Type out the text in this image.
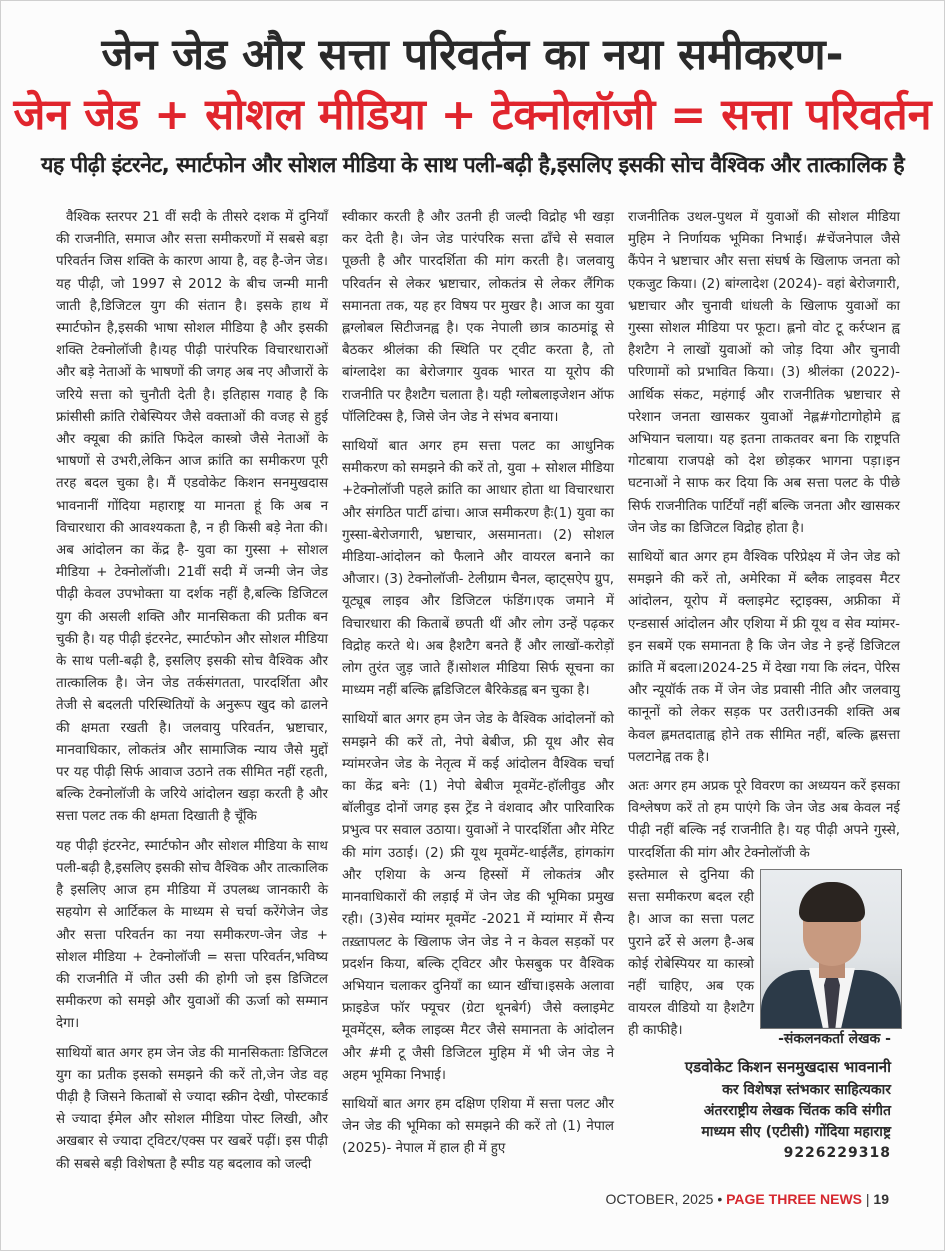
जेन जेड और सत्ता परिवर्तन का नया समीकरण-
जेन जेड + सोशल मीडिया + टेक्नोलॉजी = सत्ता परिवर्तन
यह पीढ़ी इंटरनेट, स्मार्टफोन और सोशल मीडिया के साथ पली-बढ़ी है,इसलिए इसकी सोच वैश्विक और तात्कालिक है

वैश्विक स्तरपर 21 वीं सदी के तीसरे दशक में दुनियाँ की राजनीति, समाज और सत्ता समीकरणों में सबसे बड़ा परिवर्तन जिस शक्ति के कारण आया है, वह है-जेन जेड।यह पीढ़ी, जो 1997 से 2012 के बीच जन्मी मानी जाती है,डिजिटल युग की संतान है। इसके हाथ में स्मार्टफोन है,इसकी भाषा सोशल मीडिया है और इसकी शक्ति टेक्नोलॉजी है।यह पीढ़ी पारंपरिक विचारधाराओं और बड़े नेताओं के भाषणों की जगह अब नए औजारों के जरिये सत्ता को चुनौती देती है। इतिहास गवाह है कि फ्रांसीसी क्रांति रोबेस्पियर जैसे वक्ताओं की वजह से हुई और क्यूबा की क्रांति फिदेल कास्त्रो जैसे नेताओं के भाषणों से उभरी,लेकिन आज क्रांति का समीकरण पूरी तरह बदल चुका है। मैं एडवोकेट किशन सनमुखदास भावनानीं गोंदिया महाराष्ट्र या मानता हूं कि अब न विचारधारा की आवश्यकता है, न ही किसी बड़े नेता की। अब आंदोलन का केंद्र है- युवा का गुस्सा + सोशल मीडिया + टेक्नोलॉजी। 21वीं सदी में जन्मी जेन जेड पीढ़ी केवल उपभोक्ता या दर्शक नहीं है,बल्कि डिजिटल युग की असली शक्ति और मानसिकता की प्रतीक बन चुकी है। यह पीढ़ी इंटरनेट, स्मार्टफोन और सोशल मीडिया के साथ पली-बढ़ी है, इसलिए इसकी सोच वैश्विक और तात्कालिक है। जेन जेड तर्कसंगतता, पारदर्शिता और तेजी से बदलती परिस्थितियों के अनुरूप खुद को ढालने की क्षमता रखती है। जलवायु परिवर्तन, भ्रष्टाचार, मानवाधिकार, लोकतंत्र और सामाजिक न्याय जैसे मुद्दों पर यह पीढ़ी सिर्फ आवाज उठाने तक सीमित नहीं रहती, बल्कि टेक्नोलॉजी के जरिये आंदोलन खड़ा करती है और सत्ता पलट तक की क्षमता दिखाती है चूँकि

यह पीढ़ी इंटरनेट, स्मार्टफोन और सोशल मीडिया के साथ पली-बढ़ी है,इसलिए इसकी सोच वैश्विक और तात्कालिक है इसलिए आज हम मीडिया में उपलब्ध जानकारी के सहयोग से आर्टिकल के माध्यम से चर्चा करेंगेजेन जेड और सत्ता परिवर्तन का नया समीकरण-जेन जेड + सोशल मीडिया + टेक्नोलॉजी = सत्ता परिवर्तन,भविष्य की राजनीति में जीत उसी की होगी जो इस डिजिटल समीकरण को समझे और युवाओं की ऊर्जा को सम्मान देगा।

साथियों बात अगर हम जेन जेड की मानसिकताः डिजिटल युग का प्रतीक इसको समझने की करें तो,जेन जेड वह पीढ़ी है जिसने किताबों से ज्यादा स्क्रीन देखी, पोस्टकार्ड से ज्यादा ईमेल और सोशल मीडिया पोस्ट लिखी, और अखबार से ज्यादा ट्विटर/एक्स पर खबरें पढ़ीं। इस पीढ़ी की सबसे बड़ी विशेषता है स्पीड यह बदलाव को जल्दी

स्वीकार करती है और उतनी ही जल्दी विद्रोह भी खड़ा कर देती है। जेन जेड पारंपरिक सत्ता ढाँचे से सवाल पूछती है और पारदर्शिता की मांग करती है। जलवायु परिवर्तन से लेकर भ्रष्टाचार, लोकतंत्र से लेकर लैंगिक समानता तक, यह हर विषय पर मुखर है। आज का युवा ह्लग्लोबल सिटीजनह्व है। एक नेपाली छात्र काठमांडू से बैठकर श्रीलंका की स्थिति पर ट्वीट करता है, तो बांग्लादेश का बेरोजगार युवक भारत या यूरोप की राजनीति पर हैशटैग चलाता है। यही ग्लोबलाइजेशन ऑफ पॉलिटिक्स है, जिसे जेन जेड ने संभव बनाया।

साथियों बात अगर हम सत्ता पलट का आधुनिक समीकरण को समझने की करें तो, युवा + सोशल मीडिया +टेक्नोलॉजी पहले क्रांति का आधार होता था विचारधारा और संगठित पार्टी ढांचा। आज समीकरण हैः(1) युवा का गुस्सा-बेरोजगारी, भ्रष्टाचार, असमानता। (2) सोशल मीडिया-आंदोलन को फैलाने और वायरल बनाने का औजार। (3) टेक्नोलॉजी- टेलीग्राम चैनल, व्हाट्सऐप ग्रुप, यूट्यूब लाइव और डिजिटल फंडिंग।एक जमाने में विचारधारा की किताबें छपती थीं और लोग उन्हें पढ़कर विद्रोह करते थे। अब हैशटैग बनते हैं और लाखों-करोड़ों लोग तुरंत जुड़ जाते हैं।सोशल मीडिया सिर्फ सूचना का माध्यम नहीं बल्कि ह्लडिजिटल बैरिकेडह्व बन चुका है।

साथियों बात अगर हम जेन जेड के वैश्विक आंदोलनों को समझने की करें तो, नेपो बेबीज, फ्री यूथ और सेव म्यांमरजेन जेड के नेतृत्व में कई आंदोलन वैश्विक चर्चा का केंद्र बनेः (1) नेपो बेबीज मूवमेंट-हॉलीवुड और बॉलीवुड दोनों जगह इस ट्रेंड ने वंशवाद और पारिवारिक प्रभुत्व पर सवाल उठाया। युवाओं ने पारदर्शिता और मेरिट की मांग उठाई। (2) फ्री यूथ मूवमेंट-थाईलैंड, हांगकांग और एशिया के अन्य हिस्सों में लोकतंत्र और मानवाधिकारों की लड़ाई में जेन जेड की भूमिका प्रमुख रही। (3)सेव म्यांमर मूवमेंट -2021 में म्यांमार में सैन्य तख़्तापलट के खिलाफ जेन जेड ने न केवल सड़कों पर प्रदर्शन किया, बल्कि ट्विटर और फेसबुक पर वैश्विक अभियान चलाकर दुनियाँ का ध्यान खींचा।इसके अलावा फ्राइडेज फॉर फ्यूचर (ग्रेटा थूनबेर्ग) जैसे क्लाइमेट मूवमेंट्स, ब्लैक लाइव्स मैटर जैसे समानता के आंदोलन और #मी टू जैसी डिजिटल मुहिम में भी जेन जेड ने अहम भूमिका निभाई।

साथियों बात अगर हम दक्षिण एशिया में सत्ता पलट और जेन जेड की भूमिका को समझने की करें तो (1) नेपाल (2025)- नेपाल में हाल ही में हुए

राजनीतिक उथल-पुथल में युवाओं की सोशल मीडिया मुहिम ने निर्णायक भूमिका निभाई। #चेंजनेपाल जैसे कैंपेन ने भ्रष्टाचार और सत्ता संघर्ष के खिलाफ जनता को एकजुट किया। (2) बांग्लादेश (2024)- वहां बेरोजगारी, भ्रष्टाचार और चुनावी धांधली के खिलाफ युवाओं का गुस्सा सोशल मीडिया पर फूटा। ह्लनो वोट टू कर्रप्शन ह्व हैशटैग ने लाखों युवाओं को जोड़ दिया और चुनावी परिणामों को प्रभावित किया। (3) श्रीलंका (2022)- आर्थिक संकट, महंगाई और राजनीतिक भ्रष्टाचार से परेशान जनता खासकर युवाओं नेह्ल#गोटागोहोमे ह्व अभियान चलाया। यह इतना ताकतवर बना कि राष्ट्रपति गोटबाया राजपक्षे को देश छोड़कर भागना पड़ा।इन घटनाओं ने साफ कर दिया कि अब सत्ता पलट के पीछे सिर्फ राजनीतिक पार्टियाँ नहीं बल्कि जनता और खासकर जेन जेड का डिजिटल विद्रोह होता है।

साथियों बात अगर हम वैश्विक परिप्रेक्ष्य में जेन जेड को समझने की करें तो, अमेरिका में ब्लैक लाइवस मैटर आंदोलन, यूरोप में क्लाइमेट स्ट्राइक्स, अफ्रीका में एन्डसार्स आंदोलन और एशिया में फ्री यूथ व सेव म्यांमर- इन सबमें एक समानता है कि जेन जेड ने इन्हें डिजिटल क्रांति में बदला।2024-25 में देखा गया कि लंदन, पेरिस और न्यूयॉर्क तक में जेन जेड प्रवासी नीति और जलवायु कानूनों को लेकर सड़क पर उतरी।उनकी शक्ति अब केवल ह्लमतदाताह्व होने तक सीमित नहीं, बल्कि ह्लसत्ता पलटानेह्व तक है।

अतः अगर हम अप्रक पूरे विवरण का अध्ययन करें इसका विश्लेषण करें तो हम पाएंगे कि जेन जेड अब केवल नई पीढ़ी नहीं बल्कि नई राजनीति है। यह पीढ़ी अपने गुस्से, पारदर्शिता की मांग और टेक्नोलॉजी के

इस्तेमाल से दुनिया की सत्ता समीकरण बदल रही है। आज का सत्ता पलट पुराने ढर्रे से अलग है-अब कोई रोबेस्पियर या कास्त्रो नहीं चाहिए, अब एक वायरल वीडियो या हैशटैग ही काफीहै।

-संकलनकर्ता लेखक -
एडवोकेट किशन सनमुखदास भावनानी
कर विशेषज्ञ स्तंभकार साहित्यकार
अंतरराष्ट्रीय लेखक चिंतक कवि संगीत
माध्यम सीए (एटीसी) गोंदिया महाराष्ट्र
9226229318
OCTOBER, 2025 • PAGE THREE NEWS | 19
